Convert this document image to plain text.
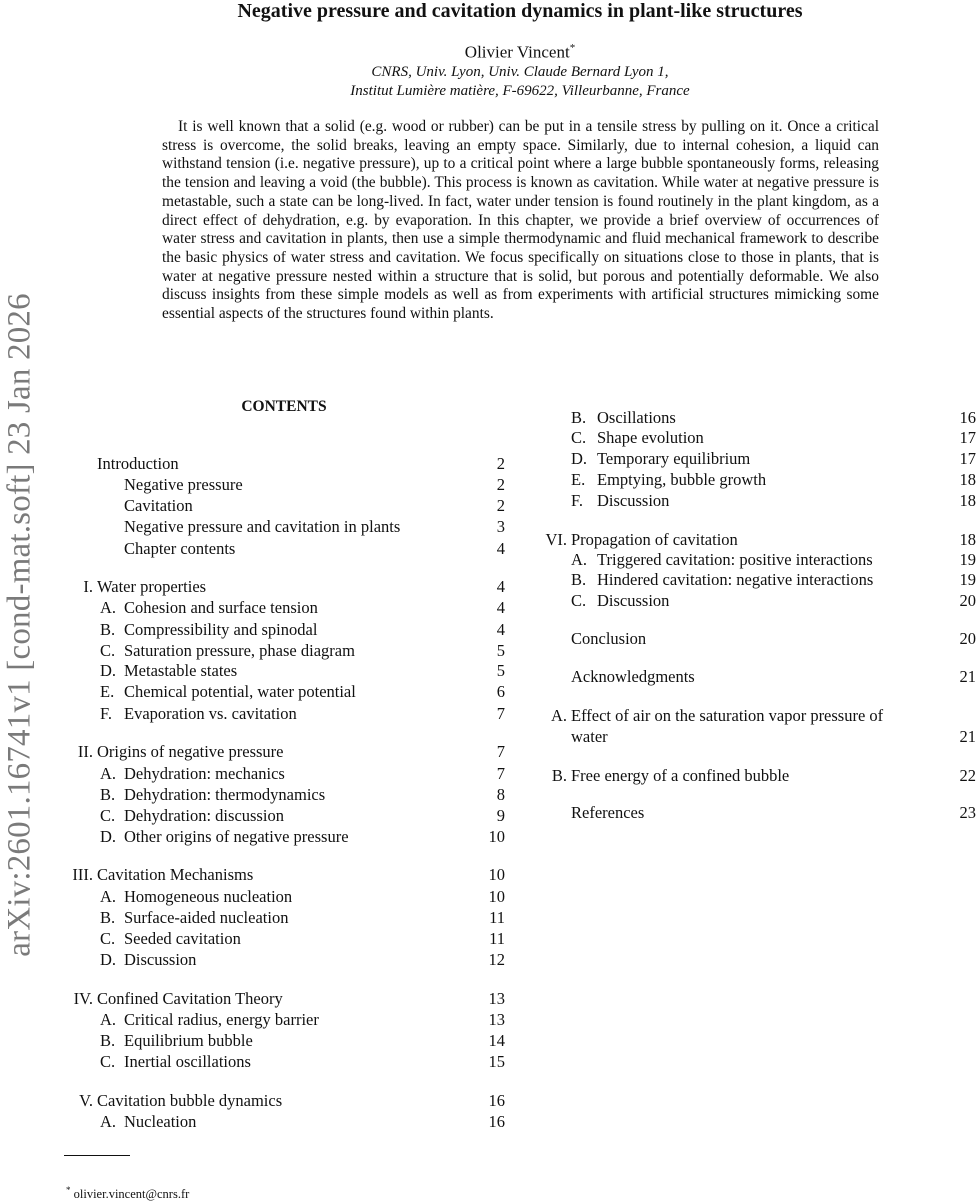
arXiv:2601.16741v1 [cond-mat.soft] 23 Jan 2026
Negative pressure and cavitation dynamics in plant-like structures
Olivier Vincent*
CNRS, Univ. Lyon, Univ. Claude Bernard Lyon 1,
Institut Lumière matière, F-69622, Villeurbanne, France

It is well known that a solid (e.g. wood or rubber) can be put in a tensile stress by pulling on it. Once a critical stress is overcome, the solid breaks, leaving an empty space. Similarly, due to internal cohesion, a liquid can withstand tension (i.e. negative pressure), up to a critical point where a large bubble spontaneously forms, releasing the tension and leaving a void (the bubble). This process is known as cavitation. While water at negative pressure is metastable, such a state can be long-lived. In fact, water under tension is found routinely in the plant kingdom, as a direct effect of dehydration, e.g. by evaporation. In this chapter, we provide a brief overview of occurrences of water stress and cavitation in plants, then use a simple thermodynamic and fluid mechanical framework to describe the basic physics of water stress and cavitation. We focus specifically on situations close to those in plants, that is water at negative pressure nested within a structure that is solid, but porous and potentially deformable. We also discuss insights from these simple models as well as from experiments with artificial structures mimicking some essential aspects of the structures found within plants.

CONTENTS
Introduction	2
Negative pressure	2
Cavitation	2
Negative pressure and cavitation in plants	3
Chapter contents	4
I. Water properties	4
A. Cohesion and surface tension	4
B. Compressibility and spinodal	4
C. Saturation pressure, phase diagram	5
D. Metastable states	5
E. Chemical potential, water potential	6
F. Evaporation vs. cavitation	7
II. Origins of negative pressure	7
A. Dehydration: mechanics	7
B. Dehydration: thermodynamics	8
C. Dehydration: discussion	9
D. Other origins of negative pressure	10
III. Cavitation Mechanisms	10
A. Homogeneous nucleation	10
B. Surface-aided nucleation	11
C. Seeded cavitation	11
D. Discussion	12
IV. Confined Cavitation Theory	13
A. Critical radius, energy barrier	13
B. Equilibrium bubble	14
C. Inertial oscillations	15
V. Cavitation bubble dynamics	16
A. Nucleation	16
B. Oscillations	16
C. Shape evolution	17
D. Temporary equilibrium	17
E. Emptying, bubble growth	18
F. Discussion	18
VI. Propagation of cavitation	18
A. Triggered cavitation: positive interactions	19
B. Hindered cavitation: negative interactions	19
C. Discussion	20
Conclusion	20
Acknowledgments	21
A. Effect of air on the saturation vapor pressure of
water	21
B. Free energy of a confined bubble	22
References	23
* olivier.vincent@cnrs.fr
